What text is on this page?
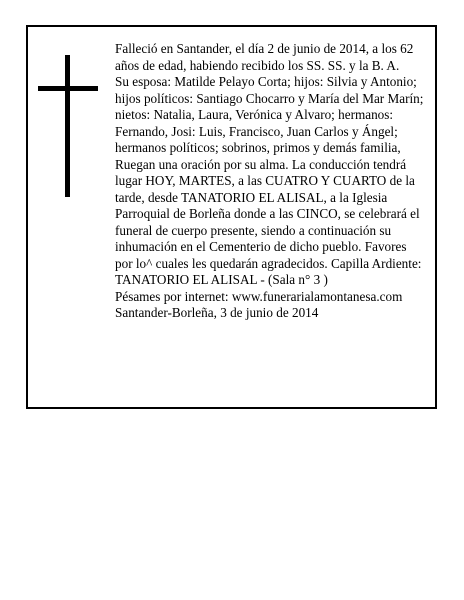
Falleció en Santander, el día 2 de junio de 2014, a los 62 años de edad, habiendo recibido los SS. SS. y la B. A.

Su esposa: Matilde Pelayo Corta; hijos: Silvia y Antonio; hijos políticos: Santiago Chocarro y María del Mar Marín; nietos: Natalia, Laura, Verónica y Alvaro; hermanos: Fernando, Josi: Luis, Francisco, Juan Carlos y Ángel; hermanos políticos; sobrinos, primos y demás familia,

Ruegan una oración por su alma. La conducción tendrá lugar HOY, MARTES, a las CUATRO Y CUARTO de la tarde, desde TANATORIO EL ALISAL, a la Iglesia Parroquial de Borleña donde a las CINCO, se celebrará el funeral de cuerpo presente, siendo a continuación su inhumación en el Cementerio de dicho pueblo. Favores por lo^ cuales les quedarán agradecidos. Capilla Ardiente: TANATORIO EL ALISAL - (Sala n° 3 )

Pésames por internet: www.funerarialamontanesa.com

Santander-Borleña, 3 de junio de 2014
